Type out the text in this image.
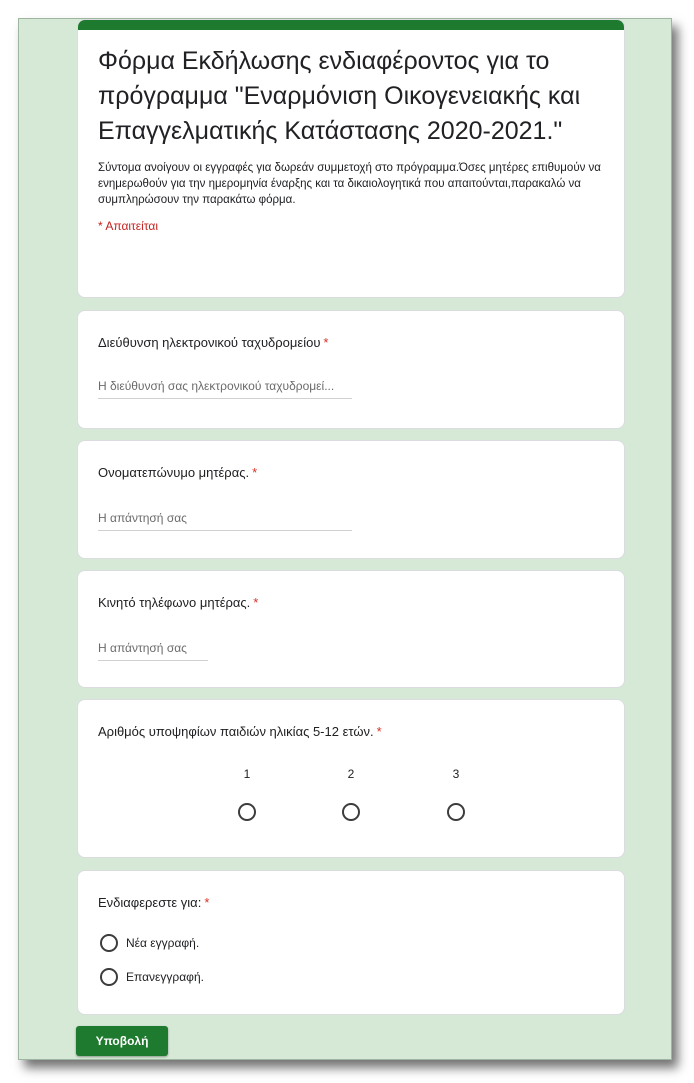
Φόρμα Εκδήλωσης ενδιαφέροντος για το πρόγραμμα "Εναρμόνιση Οικογενειακής και Επαγγελματικής Κατάστασης 2020-2021."
Σύντομα ανοίγουν οι εγγραφές για δωρεάν συμμετοχή στο πρόγραμμα.Όσες μητέρες επιθυμούν να ενημερωθούν για την ημερομηνία έναρξης και τα δικαιολογητικά που απαιτούνται,παρακαλώ να συμπληρώσουν την παρακάτω φόρμα.
* Απαιτείται
Διεύθυνση ηλεκτρονικού ταχυδρομείου *
Η διεύθυνσή σας ηλεκτρονικού ταχυδρομεί...
Ονοματεπώνυμο μητέρας. *
Η απάντησή σας
Κινητό τηλέφωνο μητέρας. *
Η απάντησή σας
Αριθμός υποψηφίων παιδιών ηλικίας 5-12 ετών. *
1	2	3
Ενδιαφερεστε για: *
Νέα εγγραφή.
Επανεγγραφή.
Υποβολή
